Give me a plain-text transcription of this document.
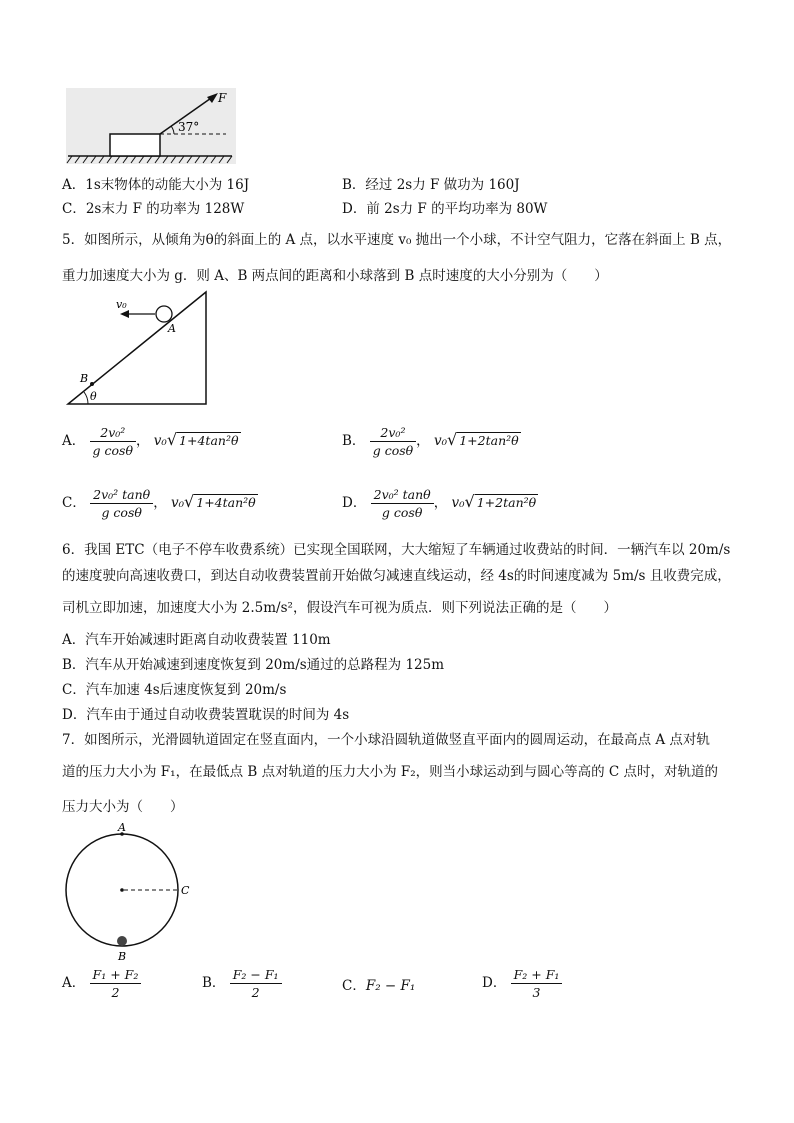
37°
F
A．1s末物体的动能大小为 16J	B．经过 2s力 F 做功为 160J
C．2s末力 F 的功率为 128W	D．前 2s力 F 的平均功率为 80W
5．如图所示，从倾角为θ的斜面上的 A 点，以水平速度 v₀ 抛出一个小球，不计空气阻力，它落在斜面上 B 点，
重力加速度大小为 g．则 A、B 两点间的距离和小球落到 B 点时速度的大小分别为（　　）
v₀
A
B
θ
A． $\frac{\text{2v₀²}}{\text{g cosθ}}$ ， v₀√ 1+4tan²θ	B． $\frac{\text{2v₀²}}{\text{g cosθ}}$ ， v₀√ 1+2tan²θ
C． $\frac{\text{2v₀² tanθ}}{\text{g cosθ}}$ ， v₀√ 1+4tan²θ	D． $\frac{\text{2v₀² tanθ}}{\text{g cosθ}}$ ， v₀√ 1+2tan²θ
6．我国 ETC（电子不停车收费系统）已实现全国联网，大大缩短了车辆通过收费站的时间．一辆汽车以 20m/s
的速度驶向高速收费口，到达自动收费装置前开始做匀减速直线运动，经 4s的时间速度减为 5m/s 且收费完成，
司机立即加速，加速度大小为 2.5m/s²，假设汽车可视为质点．则下列说法正确的是（　　）
A．汽车开始减速时距离自动收费装置 110m
B．汽车从开始减速到速度恢复到 20m/s通过的总路程为 125m
C．汽车加速 4s后速度恢复到 20m/s
D．汽车由于通过自动收费装置耽误的时间为 4s
7．如图所示，光滑圆轨道固定在竖直面内，一个小球沿圆轨道做竖直平面内的圆周运动，在最高点 A 点对轨
道的压力大小为 F₁，在最低点 B 点对轨道的压力大小为 F₂，则当小球运动到与圆心等高的 C 点时，对轨道的
压力大小为（　　）
A
C
B
A． $\frac{\text{F₁ + F₂}}{2}$	B． $\frac{\text{F₂ − F₁}}{2}$	C．F₂ − F₁	D． $\frac{\text{F₂ + F₁}}{3}$
